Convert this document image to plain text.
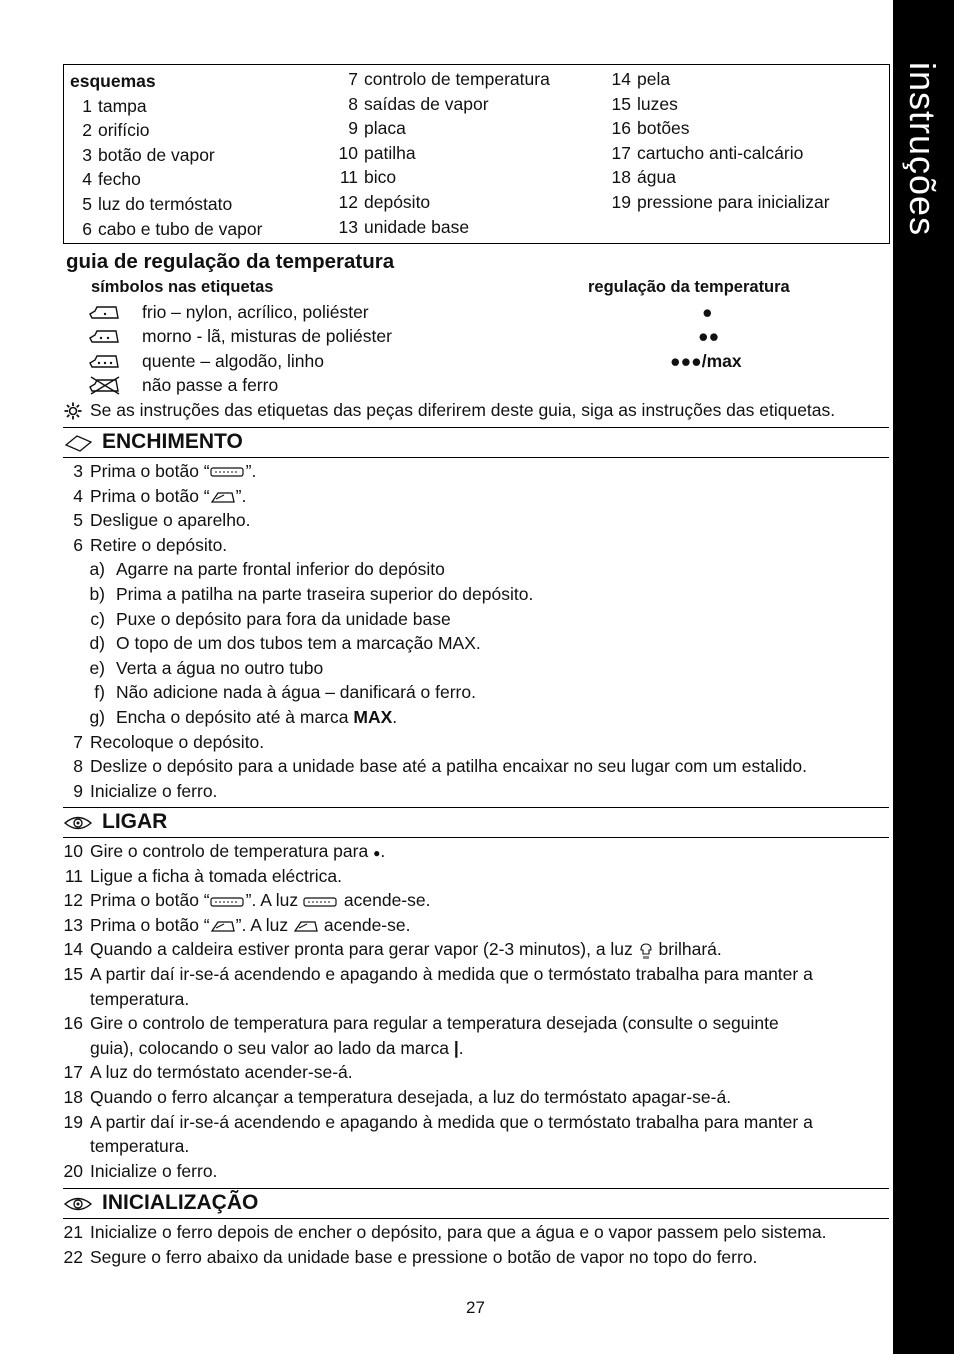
instruções
esquemas
1 tampa
2 orifício
3 botão de vapor
4 fecho
5 luz do termóstato
6 cabo e tubo de vapor
7 controlo de temperatura
8 saídas de vapor
9 placa
10 patilha
11 bico
12 depósito
13 unidade base
14 pela
15 luzes
16 botões
17 cartucho anti-calcário
18 água
19 pressione para inicializar
guia de regulação da temperatura
símbolos nas etiquetas	regulação da temperatura
frio – nylon, acrílico, poliéster	●
morno - lã, misturas de poliéster	●●
quente – algodão, linho	●●●/max
não passe a ferro
Se as instruções das etiquetas das peças diferirem deste guia, siga as instruções das etiquetas.
ENCHIMENTO
3 Prima o botão “ ”.
4 Prima o botão “ ”.
5 Desligue o aparelho.
6 Retire o depósito.
a) Agarre na parte frontal inferior do depósito
b) Prima a patilha na parte traseira superior do depósito.
c) Puxe o depósito para fora da unidade base
d) O topo de um dos tubos tem a marcação MAX.
e) Verta a água no outro tubo
f) Não adicione nada à água – danificará o ferro.
g) Encha o depósito até à marca MAX.
7 Recoloque o depósito.
8 Deslize o depósito para a unidade base até a patilha encaixar no seu lugar com um estalido.
9 Inicialize o ferro.
LIGAR
10 Gire o controlo de temperatura para ●.
11 Ligue a ficha à tomada eléctrica.
12 Prima o botão “ ”. A luz  acende-se.
13 Prima o botão “ ”. A luz  acende-se.
14 Quando a caldeira estiver pronta para gerar vapor (2-3 minutos), a luz  brilhará.
15 A partir daí ir-se-á acendendo e apagando à medida que o termóstato trabalha para manter a
temperatura.
16 Gire o controlo de temperatura para regular a temperatura desejada (consulte o seguinte
guia), colocando o seu valor ao lado da marca |.
17 A luz do termóstato acender-se-á.
18 Quando o ferro alcançar a temperatura desejada, a luz do termóstato apagar-se-á.
19 A partir daí ir-se-á acendendo e apagando à medida que o termóstato trabalha para manter a
temperatura.
20 Inicialize o ferro.
INICIALIZAÇÃO
21 Inicialize o ferro depois de encher o depósito, para que a água e o vapor passem pelo sistema.
22 Segure o ferro abaixo da unidade base e pressione o botão de vapor no topo do ferro.
27
